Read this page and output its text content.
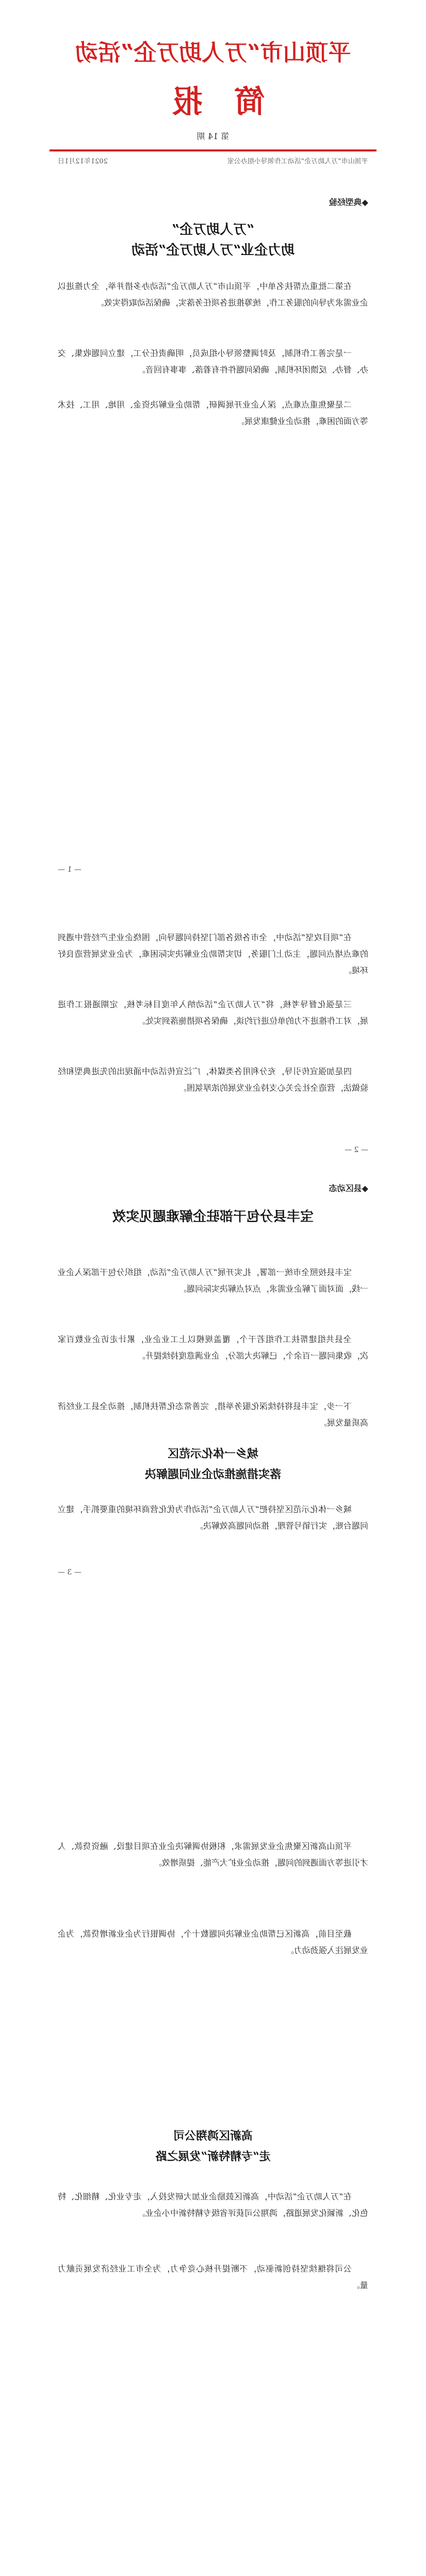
平顶山市“万人助万企”活动
简 报
第 14 期
平顶山市“万人助万企”活动工作领导小组办公室
2021年12月1日
◆典型经验
“万人助万企”
助力企业“万人助万企”活动
在第二批重点帮扶名单中，平顶山市“万人助万企”活动办多措并举，全力推进以企业需求为导向的服务工作，统筹推进各项任务落实，确保活动取得实效。
一是完善工作机制，及时调整领导小组成员，明确责任分工，建立问题收集、交办、督办、反馈闭环机制，确保问题件件有着落、事事有回音。
二是聚焦重点难点，深入企业开展调研，帮助企业解决资金、用地、用工、技术等方面的困难，推动企业健康发展。
— 1 —
在“项目攻坚”活动中，全市各级各部门坚持问题导向，围绕企业生产经营中遇到的难点堵点问题，主动上门服务，切实帮助企业解决实际困难，为企业发展营造良好环境。
三是强化督导考核，将“万人助万企”活动纳入年度目标考核，定期通报工作进展，对工作推进不力的单位进行约谈，确保各项措施落到实处。
四是加强宣传引导，充分利用各类媒体，广泛宣传活动中涌现出的先进典型和经验做法，营造全社会关心支持企业发展的浓厚氛围。
— 2 —
◆县区动态
宝丰县分包干部驻企解难题见实效
宝丰县按照全市统一部署，扎实开展“万人助万企”活动，组织分包干部深入企业一线，面对面了解企业需求，点对点解决实际问题。
全县共组建帮扶工作组若干个，覆盖规模以上工业企业，累计走访企业数百家次，收集问题一百余个，已解决大部分，企业满意度持续提升。
下一步，宝丰县将持续深化服务举措，完善常态化帮扶机制，推动全县工业经济高质量发展。
城乡一体化示范区
落实措施推动企业问题解决
城乡一体化示范区坚持把“万人助万企”活动作为优化营商环境的重要抓手，建立问题台账，实行销号管理，推动问题高效解决。
— 3 —
平顶山高新区聚焦企业发展需求，积极协调解决企业在项目建设、融资贷款、人才引进等方面遇到的问题，推动企业扩大产能、提质增效。
截至目前，高新区已帮助企业解决问题数十个，协调银行为企业新增贷款，为企业发展注入强劲动力。
高新区鸿翔公司
走“专精特新”发展之路
在“万人助万企”活动中，高新区鼓励企业加大研发投入，走专业化、精细化、特色化、新颖化发展道路，鸿翔公司获评省级专精特新中小企业。
公司将继续坚持创新驱动，不断提升核心竞争力，为全市工业经济发展贡献力量。
